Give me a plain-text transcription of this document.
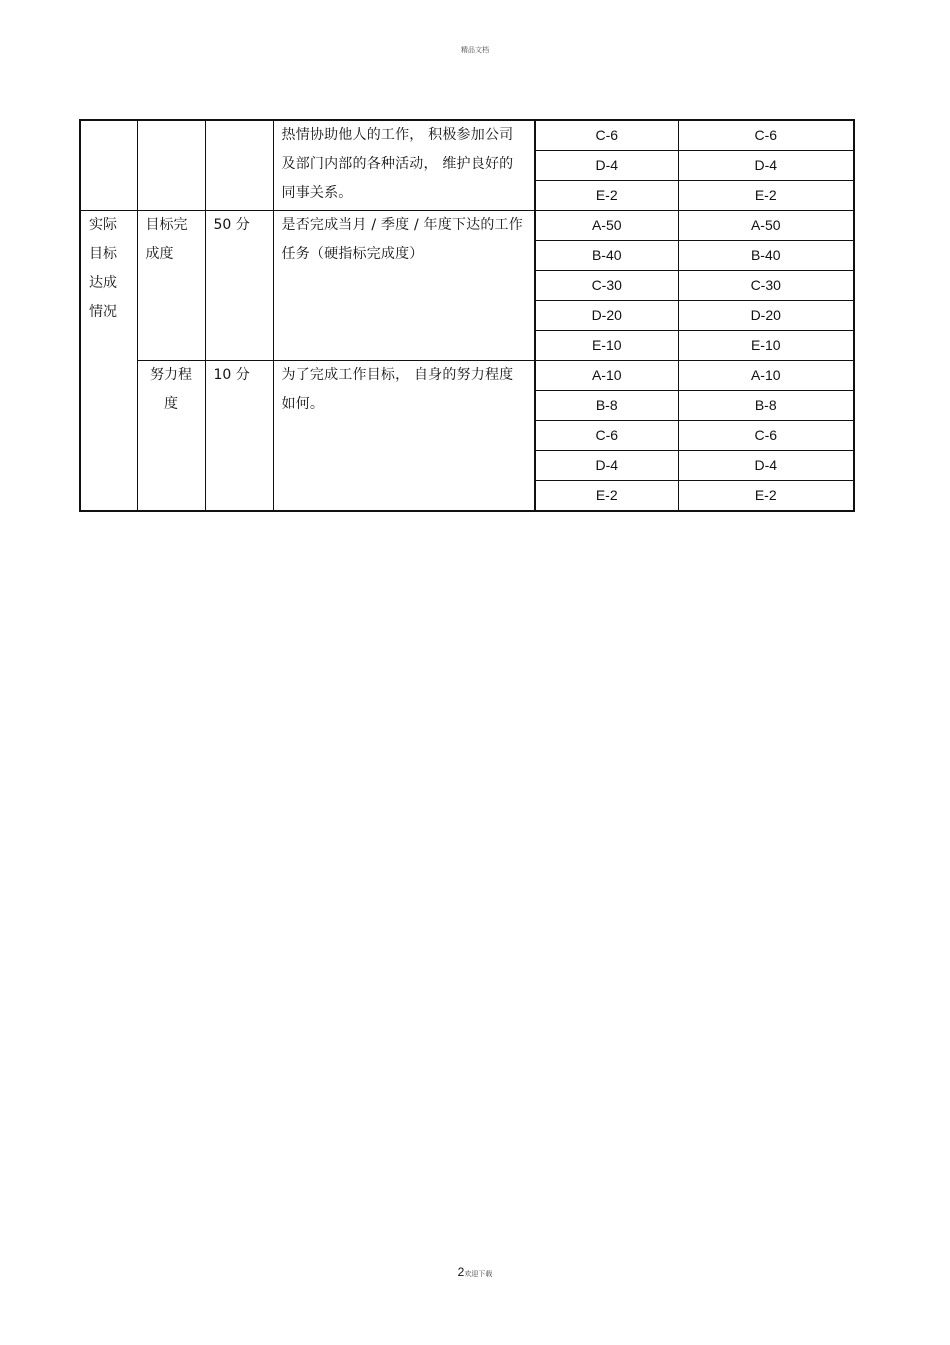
精品文档
			热情协助他人的工作， 积极参加公司及部门内部的各种活动， 维护良好的同事关系。	C-6	C-6
				D-4	D-4
				E-2	E-2
实际目标达成情况	目标完成度	50 分	是否完成当月 / 季度 / 年度下达的工作任务（硬指标完成度）	A-50	A-50
				B-40	B-40
				C-30	C-30
				D-20	D-20
				E-10	E-10
	努力程度	10 分	为了完成工作目标， 自身的努力程度如何。	A-10	A-10
				B-8	B-8
				C-6	C-6
				D-4	D-4
				E-2	E-2
2欢迎下载
